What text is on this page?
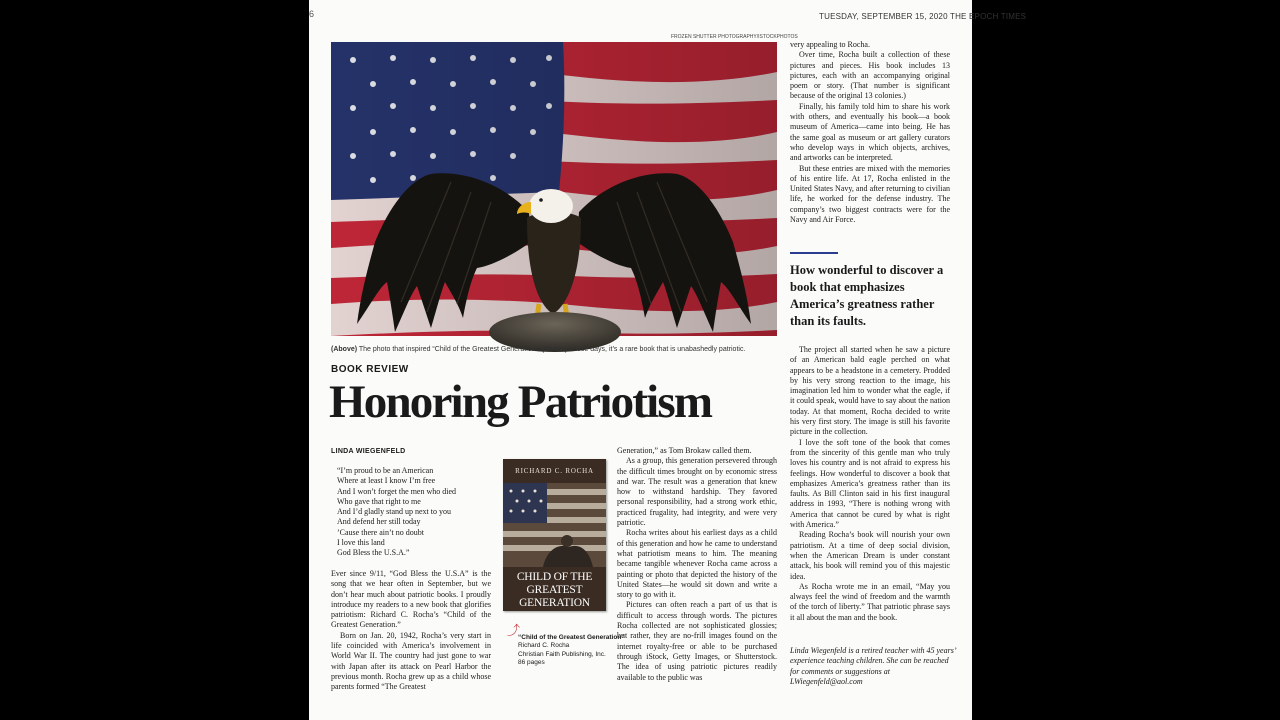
6	TUESDAY, SEPTEMBER 15, 2020 THE EPOCH TIMES
FROZEN SHUTTER PHOTOGRAPHY/ISTOCKPHOTOS
(Above) The photo that inspired “Child of the Greatest Generation.” (Below) These days, it’s a rare book that is unabashedly patriotic.
BOOK REVIEW
Honoring Patriotism
LINDA WIEGENFELD
“I’m proud to be an American
Where at least I know I’m free
And I won’t forget the men who died
Who gave that right to me
And I’d gladly stand up next to you
And defend her still today
’Cause there ain’t no doubt
I love this land
God Bless the U.S.A.”

Ever since 9/11, “God Bless the U.S.A” is the song that we hear often in September, but we don’t hear much about patriotic books. I proudly introduce my readers to a new book that glorifies patriotism: Richard C. Rocha’s “Child of the Greatest Generation.”

Born on Jan. 20, 1942, Rocha’s very start in life coincided with America’s involvement in World War II. The country had just gone to war with Japan after its attack on Pearl Harbor the previous month. Rocha grew up as a child whose parents formed “The Greatest

RICHARD C. ROCHA
CHILD OF THE GREATEST GENERATION
⤴
“Child of the Greatest Generation”
Richard C. Rocha
Christian Faith Publishing, Inc.
86 pages

Generation,” as Tom Brokaw called them.

As a group, this generation persevered through the difficult times brought on by economic stress and war. The result was a generation that knew how to withstand hardship. They favored personal responsibility, had a strong work ethic, practiced frugality, had integrity, and were very patriotic.

Rocha writes about his earliest days as a child of this generation and how he came to understand what patriotism means to him. The meaning became tangible whenever Rocha came across a painting or photo that depicted the history of the United States—he would sit down and write a story to go with it.

Pictures can often reach a part of us that is difficult to access through words. The pictures Rocha collected are not sophisticated glossies; but rather, they are no-frill images found on the internet royalty-free or able to be purchased through iStock, Getty Images, or Shutterstock. The idea of using patriotic pictures readily available to the public was

very appealing to Rocha.

Over time, Rocha built a collection of these pictures and pieces. His book includes 13 pictures, each with an accompanying original poem or story. (That number is significant because of the original 13 colonies.)

Finally, his family told him to share his work with others, and eventually his book—a book museum of America—came into being. He has the same goal as museum or art gallery curators who develop ways in which objects, archives, and artworks can be interpreted.

But these entries are mixed with the memories of his entire life. At 17, Rocha enlisted in the United States Navy, and after returning to civilian life, he worked for the defense industry. The company’s two biggest contracts were for the Navy and Air Force.

How wonderful to discover a book that emphasizes America’s greatness rather than its faults.

The project all started when he saw a picture of an American bald eagle perched on what appears to be a headstone in a cemetery. Prodded by his very strong reaction to the image, his imagination led him to wonder what the eagle, if it could speak, would have to say about the nation today. At that moment, Rocha decided to write his very first story. The image is still his favorite picture in the collection.

I love the soft tone of the book that comes from the sincerity of this gentle man who truly loves his country and is not afraid to express his feelings. How wonderful to discover a book that emphasizes America’s greatness rather than its faults. As Bill Clinton said in his first inaugural address in 1993, “There is nothing wrong with America that cannot be cured by what is right with America.”

Reading Rocha’s book will nourish your own patriotism. At a time of deep social division, when the American Dream is under constant attack, his book will remind you of this majestic idea.

As Rocha wrote me in an email, “May you always feel the wind of freedom and the warmth of the torch of liberty.” That patriotic phrase says it all about the man and the book.

Linda Wiegenfeld is a retired teacher with 45 years’ experience teaching children. She can be reached for comments or suggestions at LWiegenfeld@aol.com
